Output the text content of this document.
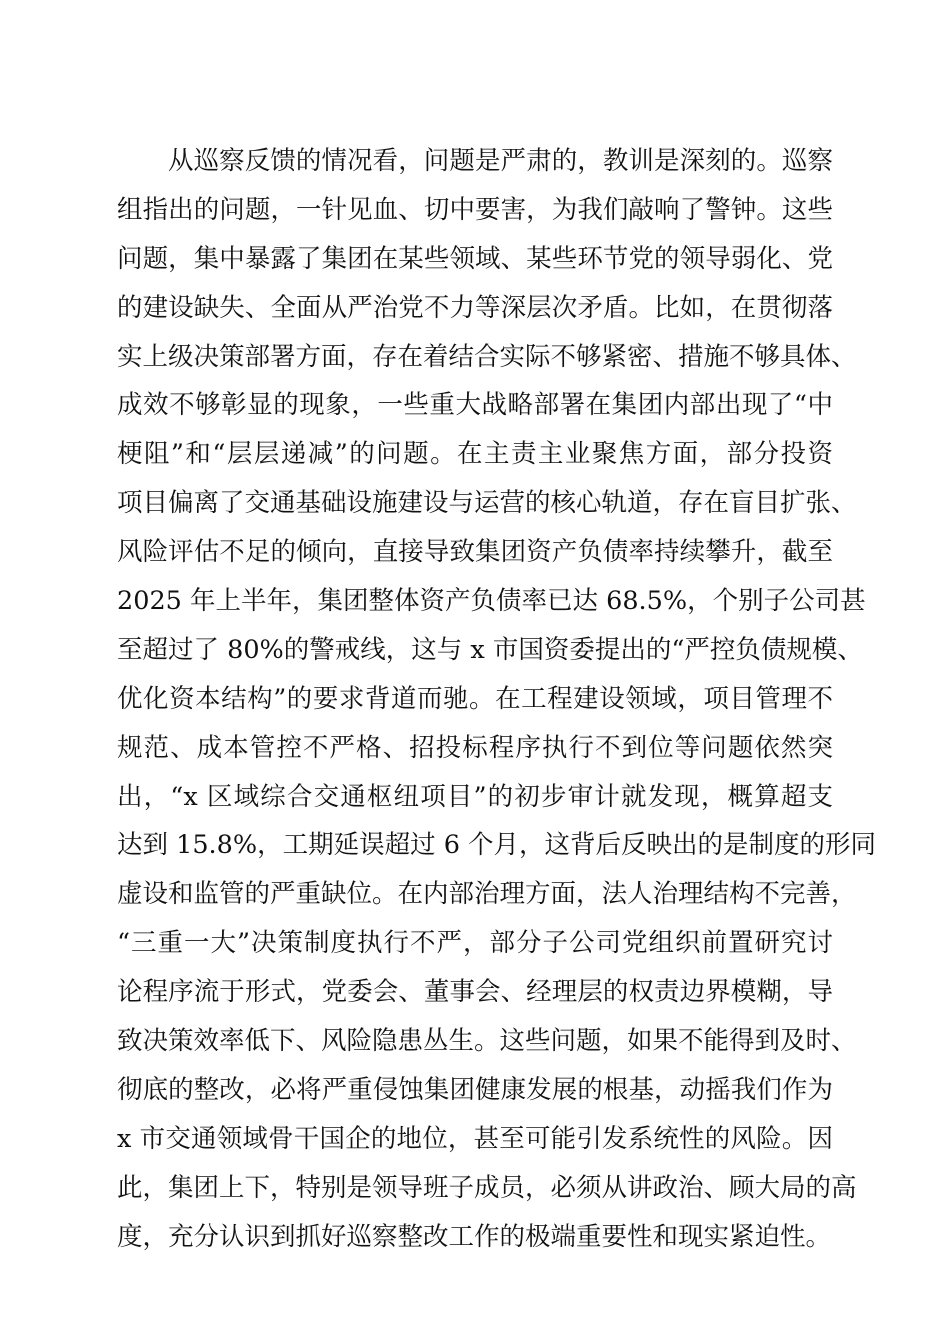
从巡察反馈的情况看，问题是严肃的，教训是深刻的。巡察
组指出的问题，一针见血、切中要害，为我们敲响了警钟。这些
问题，集中暴露了集团在某些领域、某些环节党的领导弱化、党
的建设缺失、全面从严治党不力等深层次矛盾。比如，在贯彻落
实上级决策部署方面，存在着结合实际不够紧密、措施不够具体、
成效不够彰显的现象，一些重大战略部署在集团内部出现了“中
梗阻”和“层层递减”的问题。在主责主业聚焦方面，部分投资
项目偏离了交通基础设施建设与运营的核心轨道，存在盲目扩张、
风险评估不足的倾向，直接导致集团资产负债率持续攀升，截至
2025 年上半年，集团整体资产负债率已达 68.5%，个别子公司甚
至超过了 80%的警戒线，这与 x 市国资委提出的“严控负债规模、
优化资本结构”的要求背道而驰。在工程建设领域，项目管理不
规范、成本管控不严格、招投标程序执行不到位等问题依然突
出，“x 区域综合交通枢纽项目”的初步审计就发现，概算超支
达到 15.8%，工期延误超过 6 个月，这背后反映出的是制度的形同
虚设和监管的严重缺位。在内部治理方面，法人治理结构不完善，
“三重一大”决策制度执行不严，部分子公司党组织前置研究讨
论程序流于形式，党委会、董事会、经理层的权责边界模糊，导
致决策效率低下、风险隐患丛生。这些问题，如果不能得到及时、
彻底的整改，必将严重侵蚀集团健康发展的根基，动摇我们作为
x 市交通领域骨干国企的地位，甚至可能引发系统性的风险。因
此，集团上下，特别是领导班子成员，必须从讲政治、顾大局的高
度，充分认识到抓好巡察整改工作的极端重要性和现实紧迫性。
